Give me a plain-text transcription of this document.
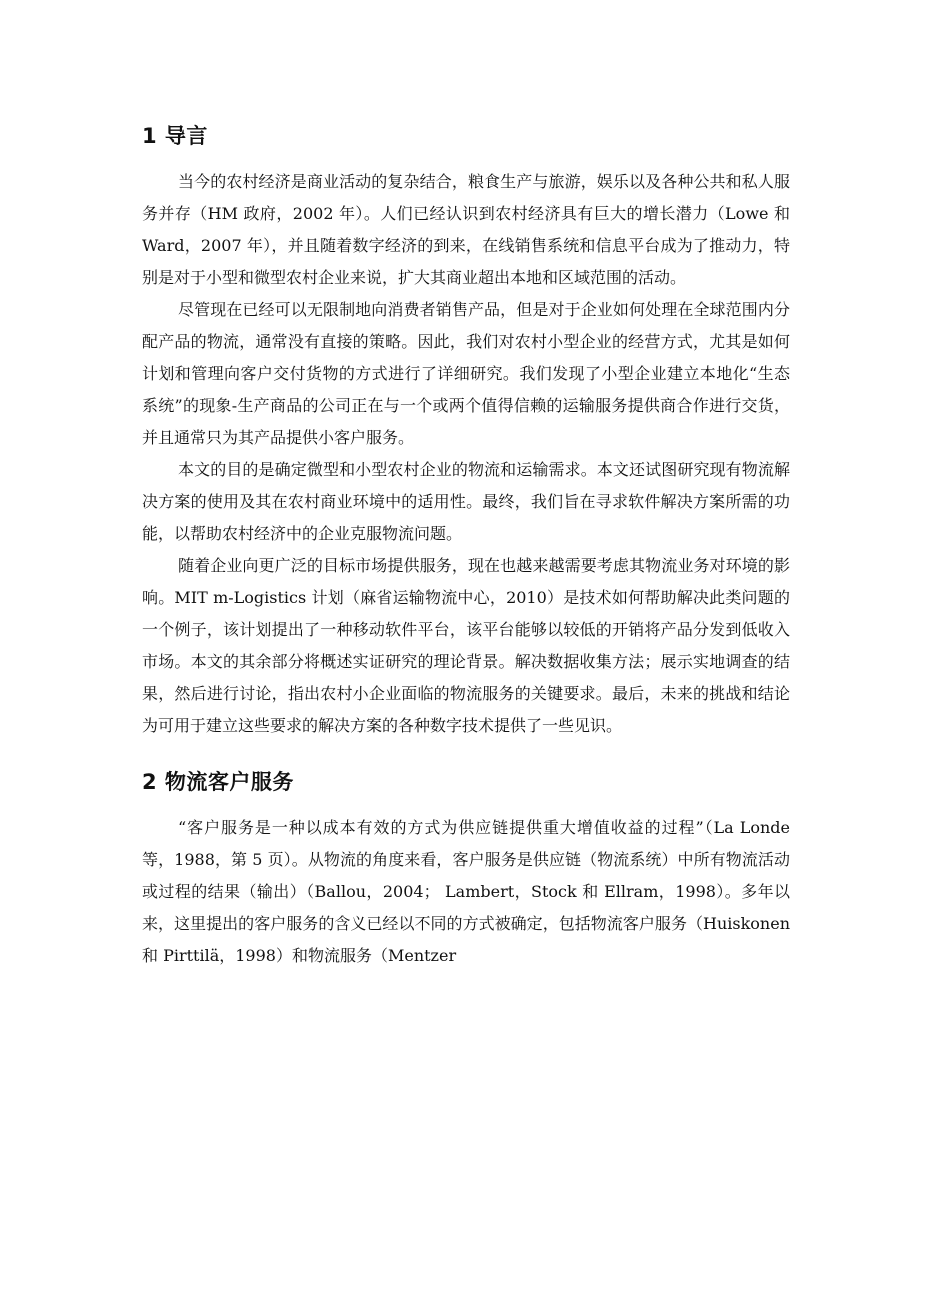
1 导言

当今的农村经济是商业活动的复杂结合，粮食生产与旅游，娱乐以及各种公共和私人服务并存（HM 政府，2002 年）。人们已经认识到农村经济具有巨大的增长潜力（Lowe 和 Ward，2007 年），并且随着数字经济的到来，在线销售系统和信息平台成为了推动力，特别是对于小型和微型农村企业来说，扩大其商业超出本地和区域范围的活动。

尽管现在已经可以无限制地向消费者销售产品，但是对于企业如何处理在全球范围内分配产品的物流，通常没有直接的策略。因此，我们对农村小型企业的经营方式，尤其是如何计划和管理向客户交付货物的方式进行了详细研究。我们发现了小型企业建立本地化“生态系统”的现象-生产商品的公司正在与一个或两个值得信赖的运输服务提供商合作进行交货，并且通常只为其产品提供小客户服务。

本文的目的是确定微型和小型农村企业的物流和运输需求。本文还试图研究现有物流解决方案的使用及其在农村商业环境中的适用性。最终，我们旨在寻求软件解决方案所需的功能，以帮助农村经济中的企业克服物流问题。

随着企业向更广泛的目标市场提供服务，现在也越来越需要考虑其物流业务对环境的影响。MIT m-Logistics 计划（麻省运输物流中心，2010）是技术如何帮助解决此类问题的一个例子，该计划提出了一种移动软件平台，该平台能够以较低的开销将产品分发到低收入市场。本文的其余部分将概述实证研究的理论背景。解决数据收集方法；展示实地调查的结果，然后进行讨论，指出农村小企业面临的物流服务的关键要求。最后，未来的挑战和结论为可用于建立这些要求的解决方案的各种数字技术提供了一些见识。

2 物流客户服务

“客户服务是一种以成本有效的方式为供应链提供重大增值收益的过程”（La Londe 等，1988，第 5 页）。从物流的角度来看，客户服务是供应链（物流系统）中所有物流活动或过程的结果（输出）（Ballou，2004； Lambert，Stock 和 Ellram，1998）。多年以来，这里提出的客户服务的含义已经以不同的方式被确定，包括物流客户服务（Huiskonen 和 Pirttilä，1998）和物流服务（Mentzer
